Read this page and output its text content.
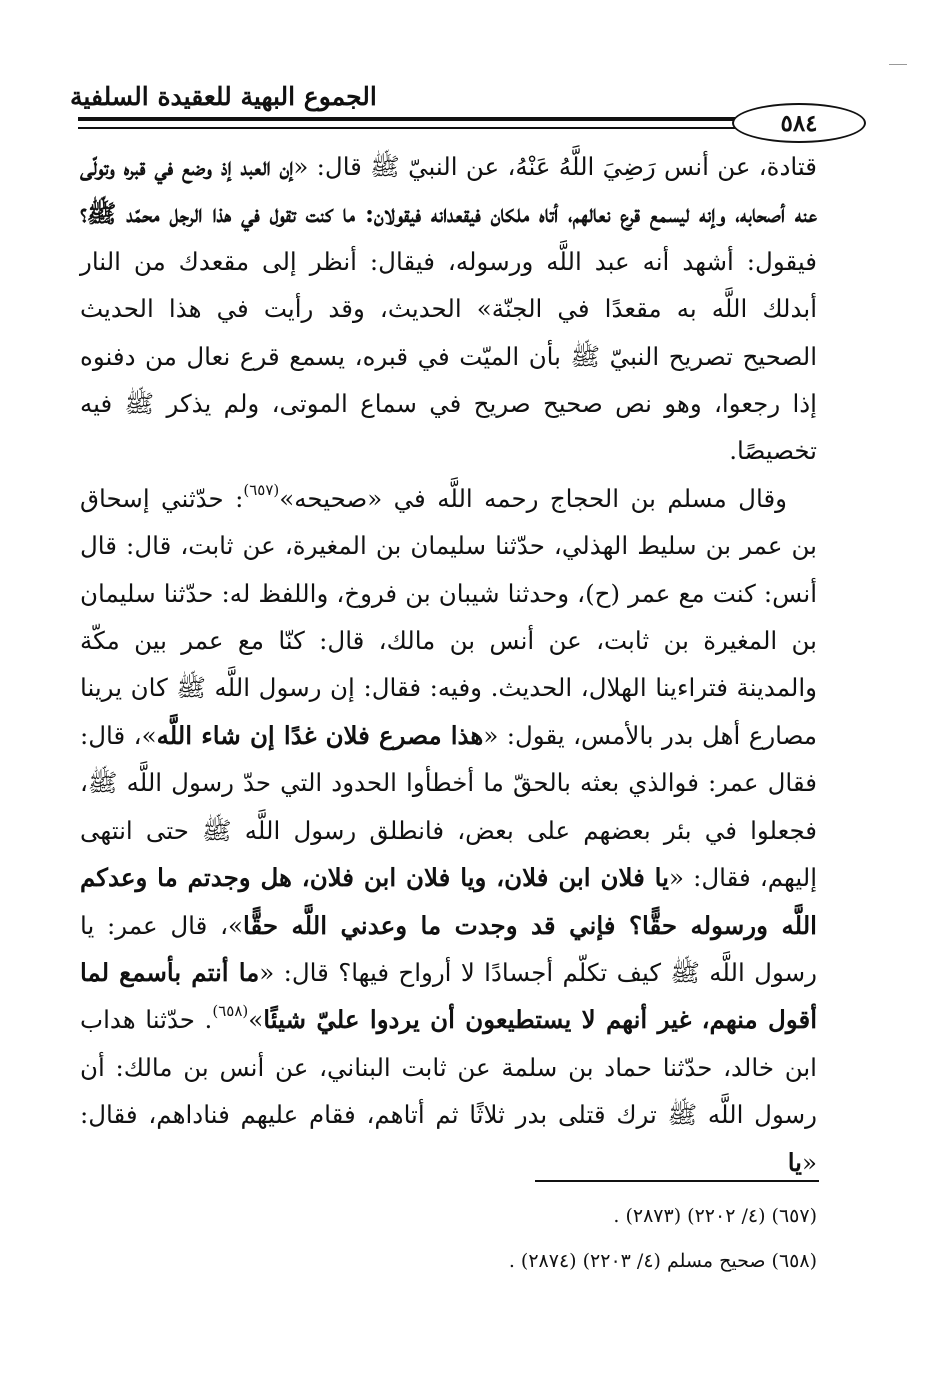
الجموع البهية للعقيدة السلفية
٥٨٤

قتادة، عن أنس رَضِيَ اللَّهُ عَنْهُ، عن النبيّ ﷺ قال: «إن العبد إذ وضع في قبره وتولّى عنه أصحابه، وإنه ليسمع قرع نعالهم، أتاه ملكان فيقعدانه فيقولان: ما كنت تقول في هذا الرجل محمّد ﷺ؟ فيقول: أشهد أنه عبد اللَّه ورسوله، فيقال: أنظر إلى مقعدك من النار أبدلك اللَّه به مقعدًا في الجنّة» الحديث، وقد رأيت في هذا الحديث الصحيح تصريح النبيّ ﷺ بأن الميّت في قبره، يسمع قرع نعال من دفنوه إذا رجعوا، وهو نص صحيح صريح في سماع الموتى، ولم يذكر ﷺ فيه تخصيصًا.

وقال مسلم بن الحجاج رحمه اللَّه في «صحيحه»$^{(٦٥٧)}$: حدّثني إسحاق بن عمر بن سليط الهذلي، حدّثنا سليمان بن المغيرة، عن ثابت، قال: قال أنس: كنت مع عمر (ح)، وحدثنا شيبان بن فروخ، واللفظ له: حدّثنا سليمان بن المغيرة بن ثابت، عن أنس بن مالك، قال: كنّا مع عمر بين مكّة والمدينة فتراءينا الهلال، الحديث. وفيه: فقال: إن رسول اللَّه ﷺ كان يرينا مصارع أهل بدر بالأمس، يقول: «هذا مصرع فلان غدًا إن شاء اللَّه»، قال: فقال عمر: فوالذي بعثه بالحقّ ما أخطأوا الحدود التي حدّ رسول اللَّه ﷺ، فجعلوا في بئر بعضهم على بعض، فانطلق رسول اللَّه ﷺ حتى انتهى إليهم، فقال: «يا فلان ابن فلان، ويا فلان ابن فلان، هل وجدتم ما وعدكم اللَّه ورسوله حقًّا؟ فإني قد وجدت ما وعدني اللَّه حقًّا»، قال عمر: يا رسول اللَّه ﷺ كيف تكلّم أجسادًا لا أرواح فيها؟ قال: «ما أنتم بأسمع لما أقول منهم، غير أنهم لا يستطيعون أن يردوا عليّ شيئًا»$^{(٦٥٨)}$. حدّثنا هداب ابن خالد، حدّثنا حماد بن سلمة عن ثابت البناني، عن أنس بن مالك: أن رسول اللَّه ﷺ ترك قتلى بدر ثلاثًا ثم أتاهم، فقام عليهم فناداهم، فقال: «يا

(٦٥٧) (٤/ ٢٢٠٢) (٢٨٧٣) .
(٦٥٨) صحيح مسلم (٤/ ٢٢٠٣) (٢٨٧٤) .
